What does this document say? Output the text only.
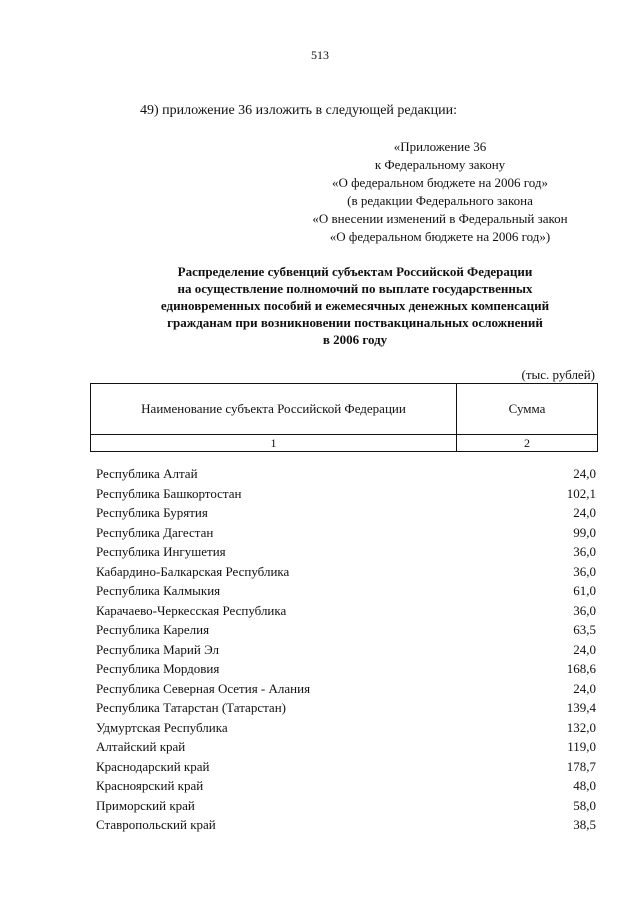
513
49) приложение 36 изложить в следующей редакции:
«Приложение 36
к Федеральному закону
«О федеральном бюджете на 2006 год»
(в редакции Федерального закона
«О внесении изменений в Федеральный закон
«О федеральном бюджете на 2006 год»)
Распределение субвенций субъектам Российской Федерации
на осуществление полномочий по выплате государственных
единовременных пособий и ежемесячных денежных компенсаций
гражданам при возникновении поствакцинальных осложнений
в 2006 году
(тыс. рублей)
Наименование субъекта Российской Федерации	Сумма
1	2
Республика Алтай	24,0
Республика Башкортостан	102,1
Республика Бурятия	24,0
Республика Дагестан	99,0
Республика Ингушетия	36,0
Кабардино-Балкарская Республика	36,0
Республика Калмыкия	61,0
Карачаево-Черкесская Республика	36,0
Республика Карелия	63,5
Республика Марий Эл	24,0
Республика Мордовия	168,6
Республика Северная Осетия - Алания	24,0
Республика Татарстан (Татарстан)	139,4
Удмуртская Республика	132,0
Алтайский край	119,0
Краснодарский край	178,7
Красноярский край	48,0
Приморский край	58,0
Ставропольский край	38,5
